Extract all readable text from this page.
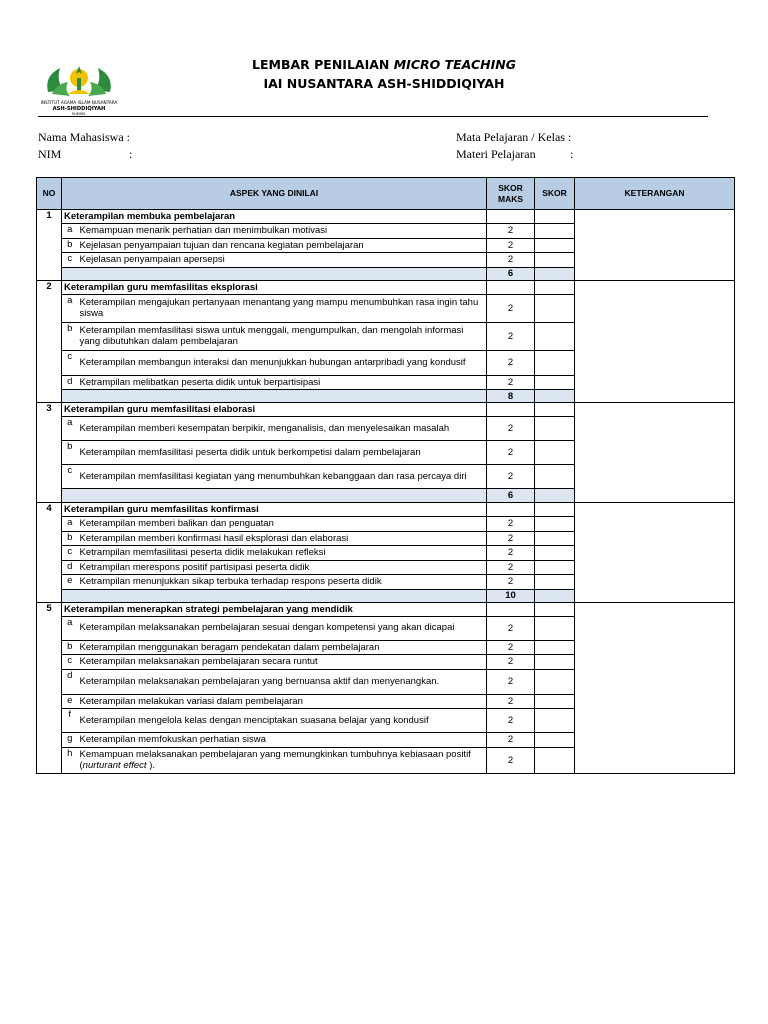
INSTITUT AGAMA ISLAM NUSANTARA
ASH-SHIDDIQIYAH
SUMSEL
LEMBAR PENILAIAN MICRO TEACHING
IAI NUSANTARA ASH-SHIDDIQIYAH
Nama Mahasiswa :
NIM	:
Mata Pelajaran / Kelas :
Materi Pelajaran	:
NO	ASPEK YANG DINILAI		SKOR MAKS	SKOR	KETERANGAN
1	Keterampilan membuka pembelajaran				
	a	Kemampuan menarik perhatian dan menimbulkan motivasi	2		
	b	Kejelasan penyampaian tujuan dan rencana kegiatan pembelajaran	2		
	c	Kejelasan penyampaian apersepsi	2		
			6		
2	Keterampilan guru memfasilitas eksplorasi				
	a	Keterampilan mengajukan pertanyaan menantang yang mampu menumbuhkan rasa ingin tahu siswa	2		
	b	Keterampilan memfasilitasi siswa untuk menggali, mengumpulkan, dan mengolah informasi yang dibutuhkan dalam pembelajaran	2		
	c	Keterampilan membangun interaksi dan menunjukkan hubungan antarpribadi yang kondusif	2		
	d	Ketrampilan melibatkan peserta didik untuk berpartisipasi	2		
			8		
3	Keterampilan guru memfasilitasi elaborasi				
	a	Keterampilan memberi kesempatan berpikir, menganalisis, dan menyelesaikan masalah	2		
	b	Keterampilan memfasilitasi peserta didik untuk berkompetisi dalam pembelajaran	2		
	c	Keterampilan memfasilitasi kegiatan yang menumbuhkan kebanggaan dan rasa percaya diri	2		
			6		
4	Keterampilan guru memfasilitas konfirmasi				
	a	Keterampilan memberi balikan dan penguatan	2		
	b	Keterampilan memberi konfirmasi hasil eksplorasi dan elaborasi	2		
	c	Ketrampilan memfasilitasi peserta didik melakukan refleksi	2		
	d	Ketrampilan merespons positif partisipasi peserta didik	2		
	e	Ketrampilan menunjukkan sikap terbuka terhadap respons peserta didik	2		
			10		
5	Keterampilan menerapkan strategi pembelajaran yang mendidik				
	a	Keterampilan melaksanakan pembelajaran sesuai dengan kompetensi yang akan dicapai	2		
	b	Keterampilan menggunakan beragam pendekatan dalam pembelajaran	2		
	c	Keterampilan melaksanakan pembelajaran secara runtut	2		
	d	Keterampilan melaksanakan pembelajaran yang bernuansa aktif dan menyenangkan.	2		
	e	Keterampilan melakukan variasi dalam pembelajaran	2		
	f	Keterampilan mengelola kelas dengan menciptakan suasana belajar yang kondusif	2		
	g	Keterampilan memfokuskan perhatian siswa	2		
	h	Kemampuan melaksanakan pembelajaran yang memungkinkan tumbuhnya kebiasaan positif (nurturant effect ).	2		
